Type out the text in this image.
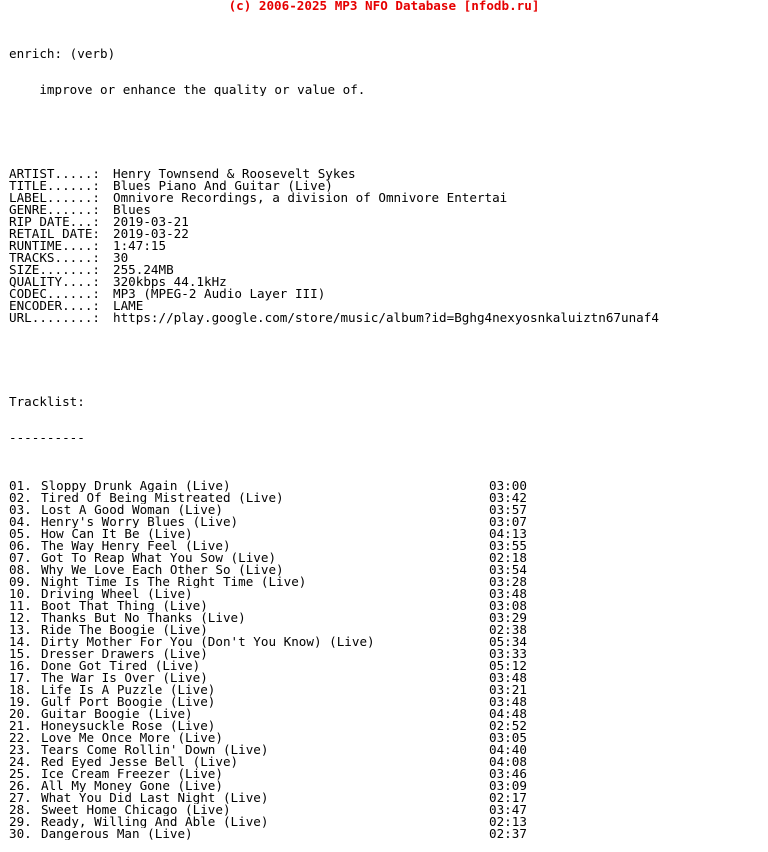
(c) 2006-2025 MP3 NFO Database [nfodb.ru]

enrich: (verb)

improve or enhance the quality or value of.

ARTIST.....:	Henry Townsend & Roosevelt Sykes
TITLE......:	Blues Piano And Guitar (Live)
LABEL......:	Omnivore Recordings, a division of Omnivore Entertai
GENRE......:	Blues
RIP DATE...:	2019-03-21
RETAIL DATE:	2019-03-22
RUNTIME....:	1:47:15
TRACKS.....:	30
SIZE.......:	255.24MB
QUALITY....:	320kbps 44.1kHz
CODEC......:	MP3 (MPEG-2 Audio Layer III)
ENCODER....:	LAME
URL........:	https://play.google.com/store/music/album?id=Bghg4nexyosnkaluiztn67unaf4

Tracklist:

----------

01. Sloppy Drunk Again (Live)	03:00
02. Tired Of Being Mistreated (Live)	03:42
03. Lost A Good Woman (Live)	03:57
04. Henry's Worry Blues (Live)	03:07
05. How Can It Be (Live)	04:13
06. The Way Henry Feel (Live)	03:55
07. Got To Reap What You Sow (Live)	02:18
08. Why We Love Each Other So (Live)	03:54
09. Night Time Is The Right Time (Live)	03:28
10. Driving Wheel (Live)	03:48
11. Boot That Thing (Live)	03:08
12. Thanks But No Thanks (Live)	03:29
13. Ride The Boogie (Live)	02:38
14. Dirty Mother For You (Don't You Know) (Live)	05:34
15. Dresser Drawers (Live)	03:33
16. Done Got Tired (Live)	05:12
17. The War Is Over (Live)	03:48
18. Life Is A Puzzle (Live)	03:21
19. Gulf Port Boogie (Live)	03:48
20. Guitar Boogie (Live)	04:48
21. Honeysuckle Rose (Live)	02:52
22. Love Me Once More (Live)	03:05
23. Tears Come Rollin' Down (Live)	04:40
24. Red Eyed Jesse Bell (Live)	04:08
25. Ice Cream Freezer (Live)	03:46
26. All My Money Gone (Live)	03:09
27. What You Did Last Night (Live)	02:17
28. Sweet Home Chicago (Live)	03:47
29. Ready, Willing And Able (Live)	02:13
30. Dangerous Man (Live)	02:37
